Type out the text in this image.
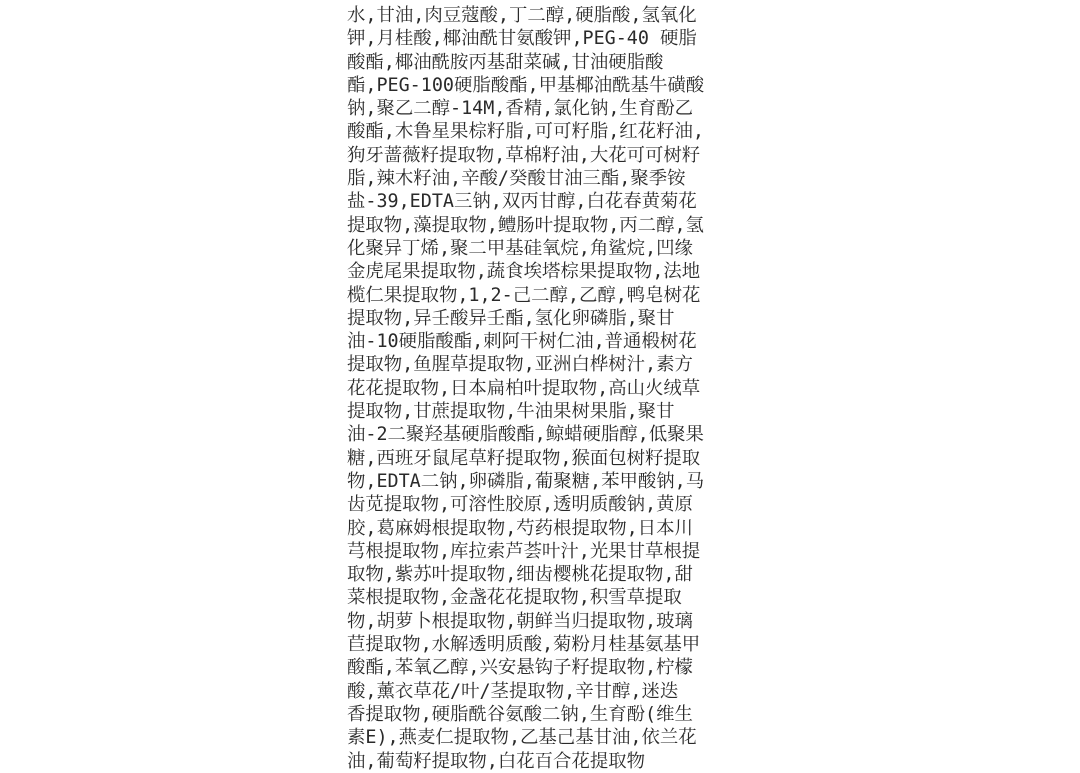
水,甘油,肉豆蔻酸,丁二醇,硬脂酸,氢氧化
钾,月桂酸,椰油酰甘氨酸钾,PEG-40 硬脂
酸酯,椰油酰胺丙基甜菜碱,甘油硬脂酸
酯,PEG-100硬脂酸酯,甲基椰油酰基牛磺酸
钠,聚乙二醇-14M,香精,氯化钠,生育酚乙
酸酯,木鲁星果棕籽脂,可可籽脂,红花籽油,
狗牙蔷薇籽提取物,草棉籽油,大花可可树籽
脂,辣木籽油,辛酸/癸酸甘油三酯,聚季铵
盐-39,EDTA三钠,双丙甘醇,白花春黄菊花
提取物,藻提取物,鳢肠叶提取物,丙二醇,氢
化聚异丁烯,聚二甲基硅氧烷,角鲨烷,凹缘
金虎尾果提取物,蔬食埃塔棕果提取物,法地
榄仁果提取物,1,2-己二醇,乙醇,鸭皂树花
提取物,异壬酸异壬酯,氢化卵磷脂,聚甘
油-10硬脂酸酯,刺阿干树仁油,普通椴树花
提取物,鱼腥草提取物,亚洲白桦树汁,素方
花花提取物,日本扁柏叶提取物,高山火绒草
提取物,甘蔗提取物,牛油果树果脂,聚甘
油-2二聚羟基硬脂酸酯,鲸蜡硬脂醇,低聚果
糖,西班牙鼠尾草籽提取物,猴面包树籽提取
物,EDTA二钠,卵磷脂,葡聚糖,苯甲酸钠,马
齿苋提取物,可溶性胶原,透明质酸钠,黄原
胶,葛麻姆根提取物,芍药根提取物,日本川
芎根提取物,库拉索芦荟叶汁,光果甘草根提
取物,紫苏叶提取物,细齿樱桃花提取物,甜
菜根提取物,金盏花花提取物,积雪草提取
物,胡萝卜根提取物,朝鲜当归提取物,玻璃
苣提取物,水解透明质酸,菊粉月桂基氨基甲
酸酯,苯氧乙醇,兴安悬钩子籽提取物,柠檬
酸,薰衣草花/叶/茎提取物,辛甘醇,迷迭
香提取物,硬脂酰谷氨酸二钠,生育酚(维生
素E),燕麦仁提取物,乙基己基甘油,依兰花
油,葡萄籽提取物,白花百合花提取物
